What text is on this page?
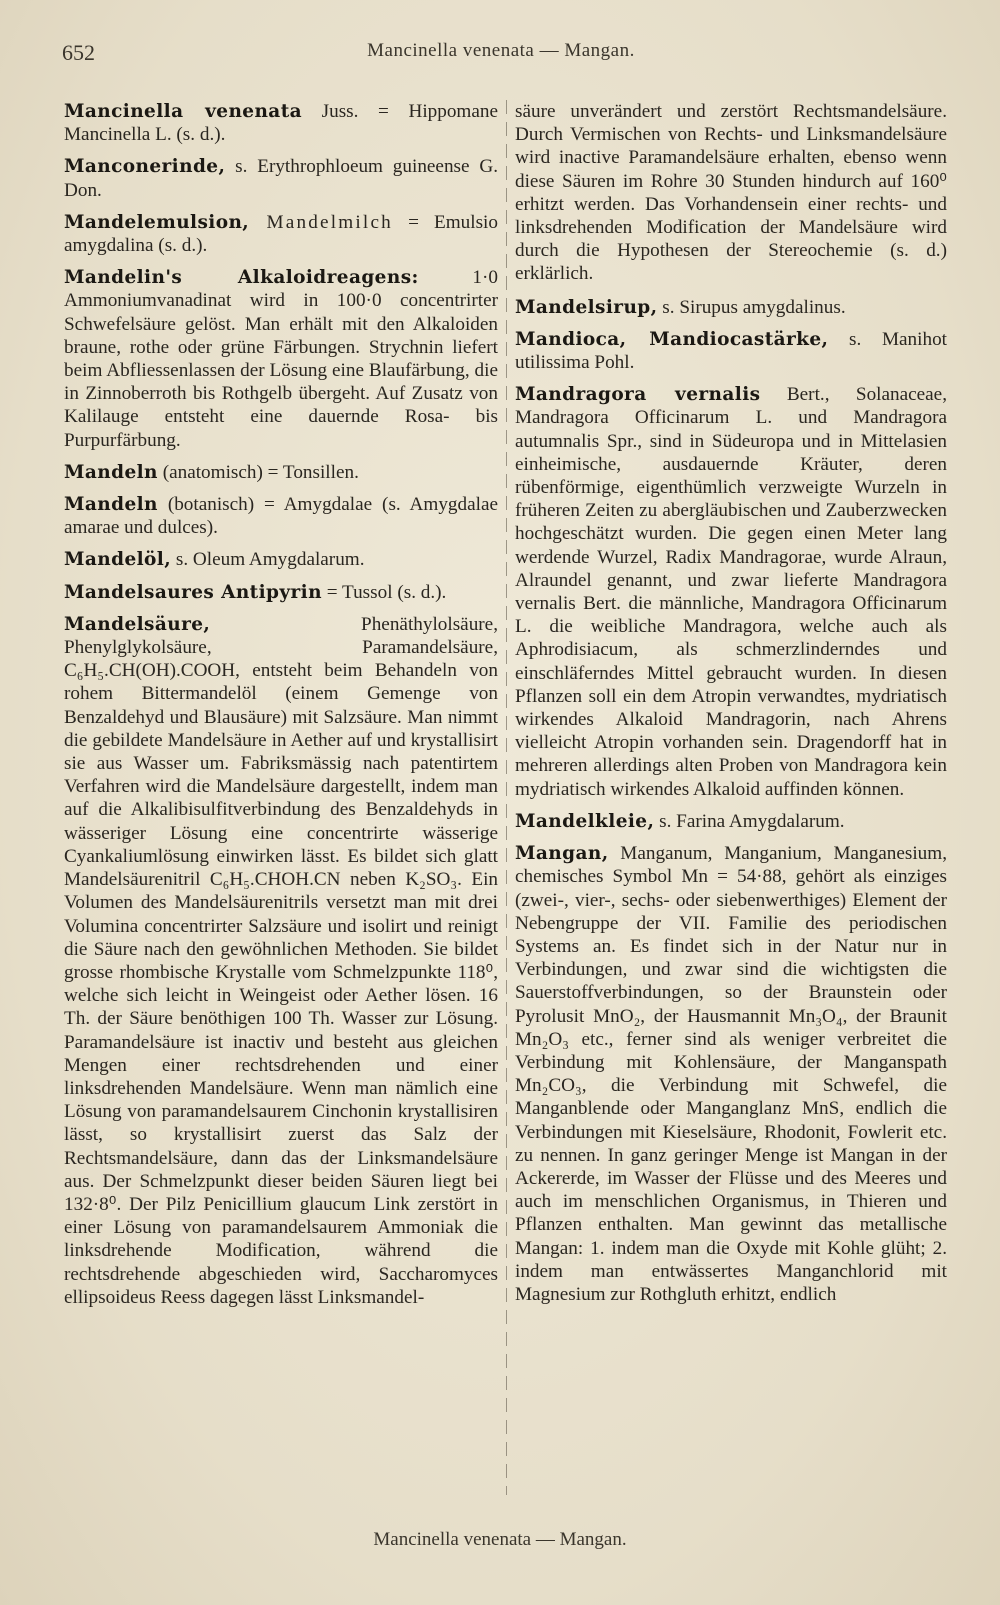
652	Mancinella venenata — Mangan.

Mancinella venenata Juss. = Hippomane Mancinella L. (s. d.).

Manconerinde, s. Erythrophloeum guineense G. Don.

Mandelemulsion, Mandelmilch = Emulsio amygdalina (s. d.).

Mandelin's Alkaloidreagens: 1·0 Ammoniumvanadinat wird in 100·0 concentrirter Schwefelsäure gelöst. Man erhält mit den Alkaloiden braune, rothe oder grüne Färbungen. Strychnin liefert beim Abfliessenlassen der Lösung eine Blaufärbung, die in Zinnoberroth bis Rothgelb übergeht. Auf Zusatz von Kalilauge entsteht eine dauernde Rosa- bis Purpurfärbung.

Mandeln (anatomisch) = Tonsillen.

Mandeln (botanisch) = Amygdalae (s. Amygdalae amarae und dulces).

Mandelöl, s. Oleum Amygdalarum.

Mandelsaures Antipyrin = Tussol (s. d.).

Mandelsäure, Phenäthylolsäure, Phenylglykolsäure, Paramandelsäure, C₆H₅.CH(OH).COOH, entsteht beim Behandeln von rohem Bittermandelöl (einem Gemenge von Benzaldehyd und Blausäure) mit Salzsäure. Man nimmt die gebildete Mandelsäure in Aether auf und krystallisirt sie aus Wasser um. Fabriksmässig nach patentirtem Verfahren wird die Mandelsäure dargestellt, indem man auf die Alkalibisulfitverbindung des Benzaldehyds in wässeriger Lösung eine concentrirte wässerige Cyankaliumlösung einwirken lässt. Es bildet sich glatt Mandelsäurenitril C₆H₅.CHOH.CN neben K₂SO₃. Ein Volumen des Mandelsäurenitrils versetzt man mit drei Volumina concentrirter Salzsäure und isolirt und reinigt die Säure nach den gewöhnlichen Methoden. Sie bildet grosse rhombische Krystalle vom Schmelzpunkte 118⁰, welche sich leicht in Weingeist oder Aether lösen. 16 Th. der Säure benöthigen 100 Th. Wasser zur Lösung. Paramandelsäure ist inactiv und besteht aus gleichen Mengen einer rechtsdrehenden und einer linksdrehenden Mandelsäure. Wenn man nämlich eine Lösung von paramandelsaurem Cinchonin krystallisiren lässt, so krystallisirt zuerst das Salz der Rechtsmandelsäure, dann das der Linksmandelsäure aus. Der Schmelzpunkt dieser beiden Säuren liegt bei 132·8⁰. Der Pilz Penicillium glaucum Link zerstört in einer Lösung von paramandelsaurem Ammoniak die linksdrehende Modification, während die rechtsdrehende abgeschieden wird, Saccharomyces ellipsoideus Reess dagegen lässt Linksmandel-

säure unverändert und zerstört Rechtsmandelsäure. Durch Vermischen von Rechts- und Linksmandelsäure wird inactive Paramandelsäure erhalten, ebenso wenn diese Säuren im Rohre 30 Stunden hindurch auf 160⁰ erhitzt werden. Das Vorhandensein einer rechts- und linksdrehenden Modification der Mandelsäure wird durch die Hypothesen der Stereochemie (s. d.) erklärlich.

Mandelsirup, s. Sirupus amygdalinus.

Mandioca, Mandiocastärke, s. Manihot utilissima Pohl.

Mandragora vernalis Bert., Solanaceae, Mandragora Officinarum L. und Mandragora autumnalis Spr., sind in Südeuropa und in Mittelasien einheimische, ausdauernde Kräuter, deren rübenförmige, eigenthümlich verzweigte Wurzeln in früheren Zeiten zu abergläubischen und Zauberzwecken hochgeschätzt wurden. Die gegen einen Meter lang werdende Wurzel, Radix Mandragorae, wurde Alraun, Alraundel genannt, und zwar lieferte Mandragora vernalis Bert. die männliche, Mandragora Officinarum L. die weibliche Mandragora, welche auch als Aphrodisiacum, als schmerzlinderndes und einschläferndes Mittel gebraucht wurden. In diesen Pflanzen soll ein dem Atropin verwandtes, mydriatisch wirkendes Alkaloid Mandragorin, nach Ahrens vielleicht Atropin vorhanden sein. Dragendorff hat in mehreren allerdings alten Proben von Mandragora kein mydriatisch wirkendes Alkaloid auffinden können.

Mandelkleie, s. Farina Amygdalarum.

Mangan, Manganum, Manganium, Manganesium, chemisches Symbol Mn = 54·88, gehört als einziges (zwei-, vier-, sechs- oder siebenwerthiges) Element der Nebengruppe der VII. Familie des periodischen Systems an. Es findet sich in der Natur nur in Verbindungen, und zwar sind die wichtigsten die Sauerstoffverbindungen, so der Braunstein oder Pyrolusit MnO₂, der Hausmannit Mn₃O₄, der Braunit Mn₂O₃ etc., ferner sind als weniger verbreitet die Verbindung mit Kohlensäure, der Manganspath Mn₂CO₃, die Verbindung mit Schwefel, die Manganblende oder Manganglanz MnS, endlich die Verbindungen mit Kieselsäure, Rhodonit, Fowlerit etc. zu nennen. In ganz geringer Menge ist Mangan in der Ackererde, im Wasser der Flüsse und des Meeres und auch im menschlichen Organismus, in Thieren und Pflanzen enthalten. Man gewinnt das metallische Mangan: 1. indem man die Oxyde mit Kohle glüht; 2. indem man entwässertes Manganchlorid mit Magnesium zur Rothgluth erhitzt, endlich

Mancinella venenata — Mangan.
